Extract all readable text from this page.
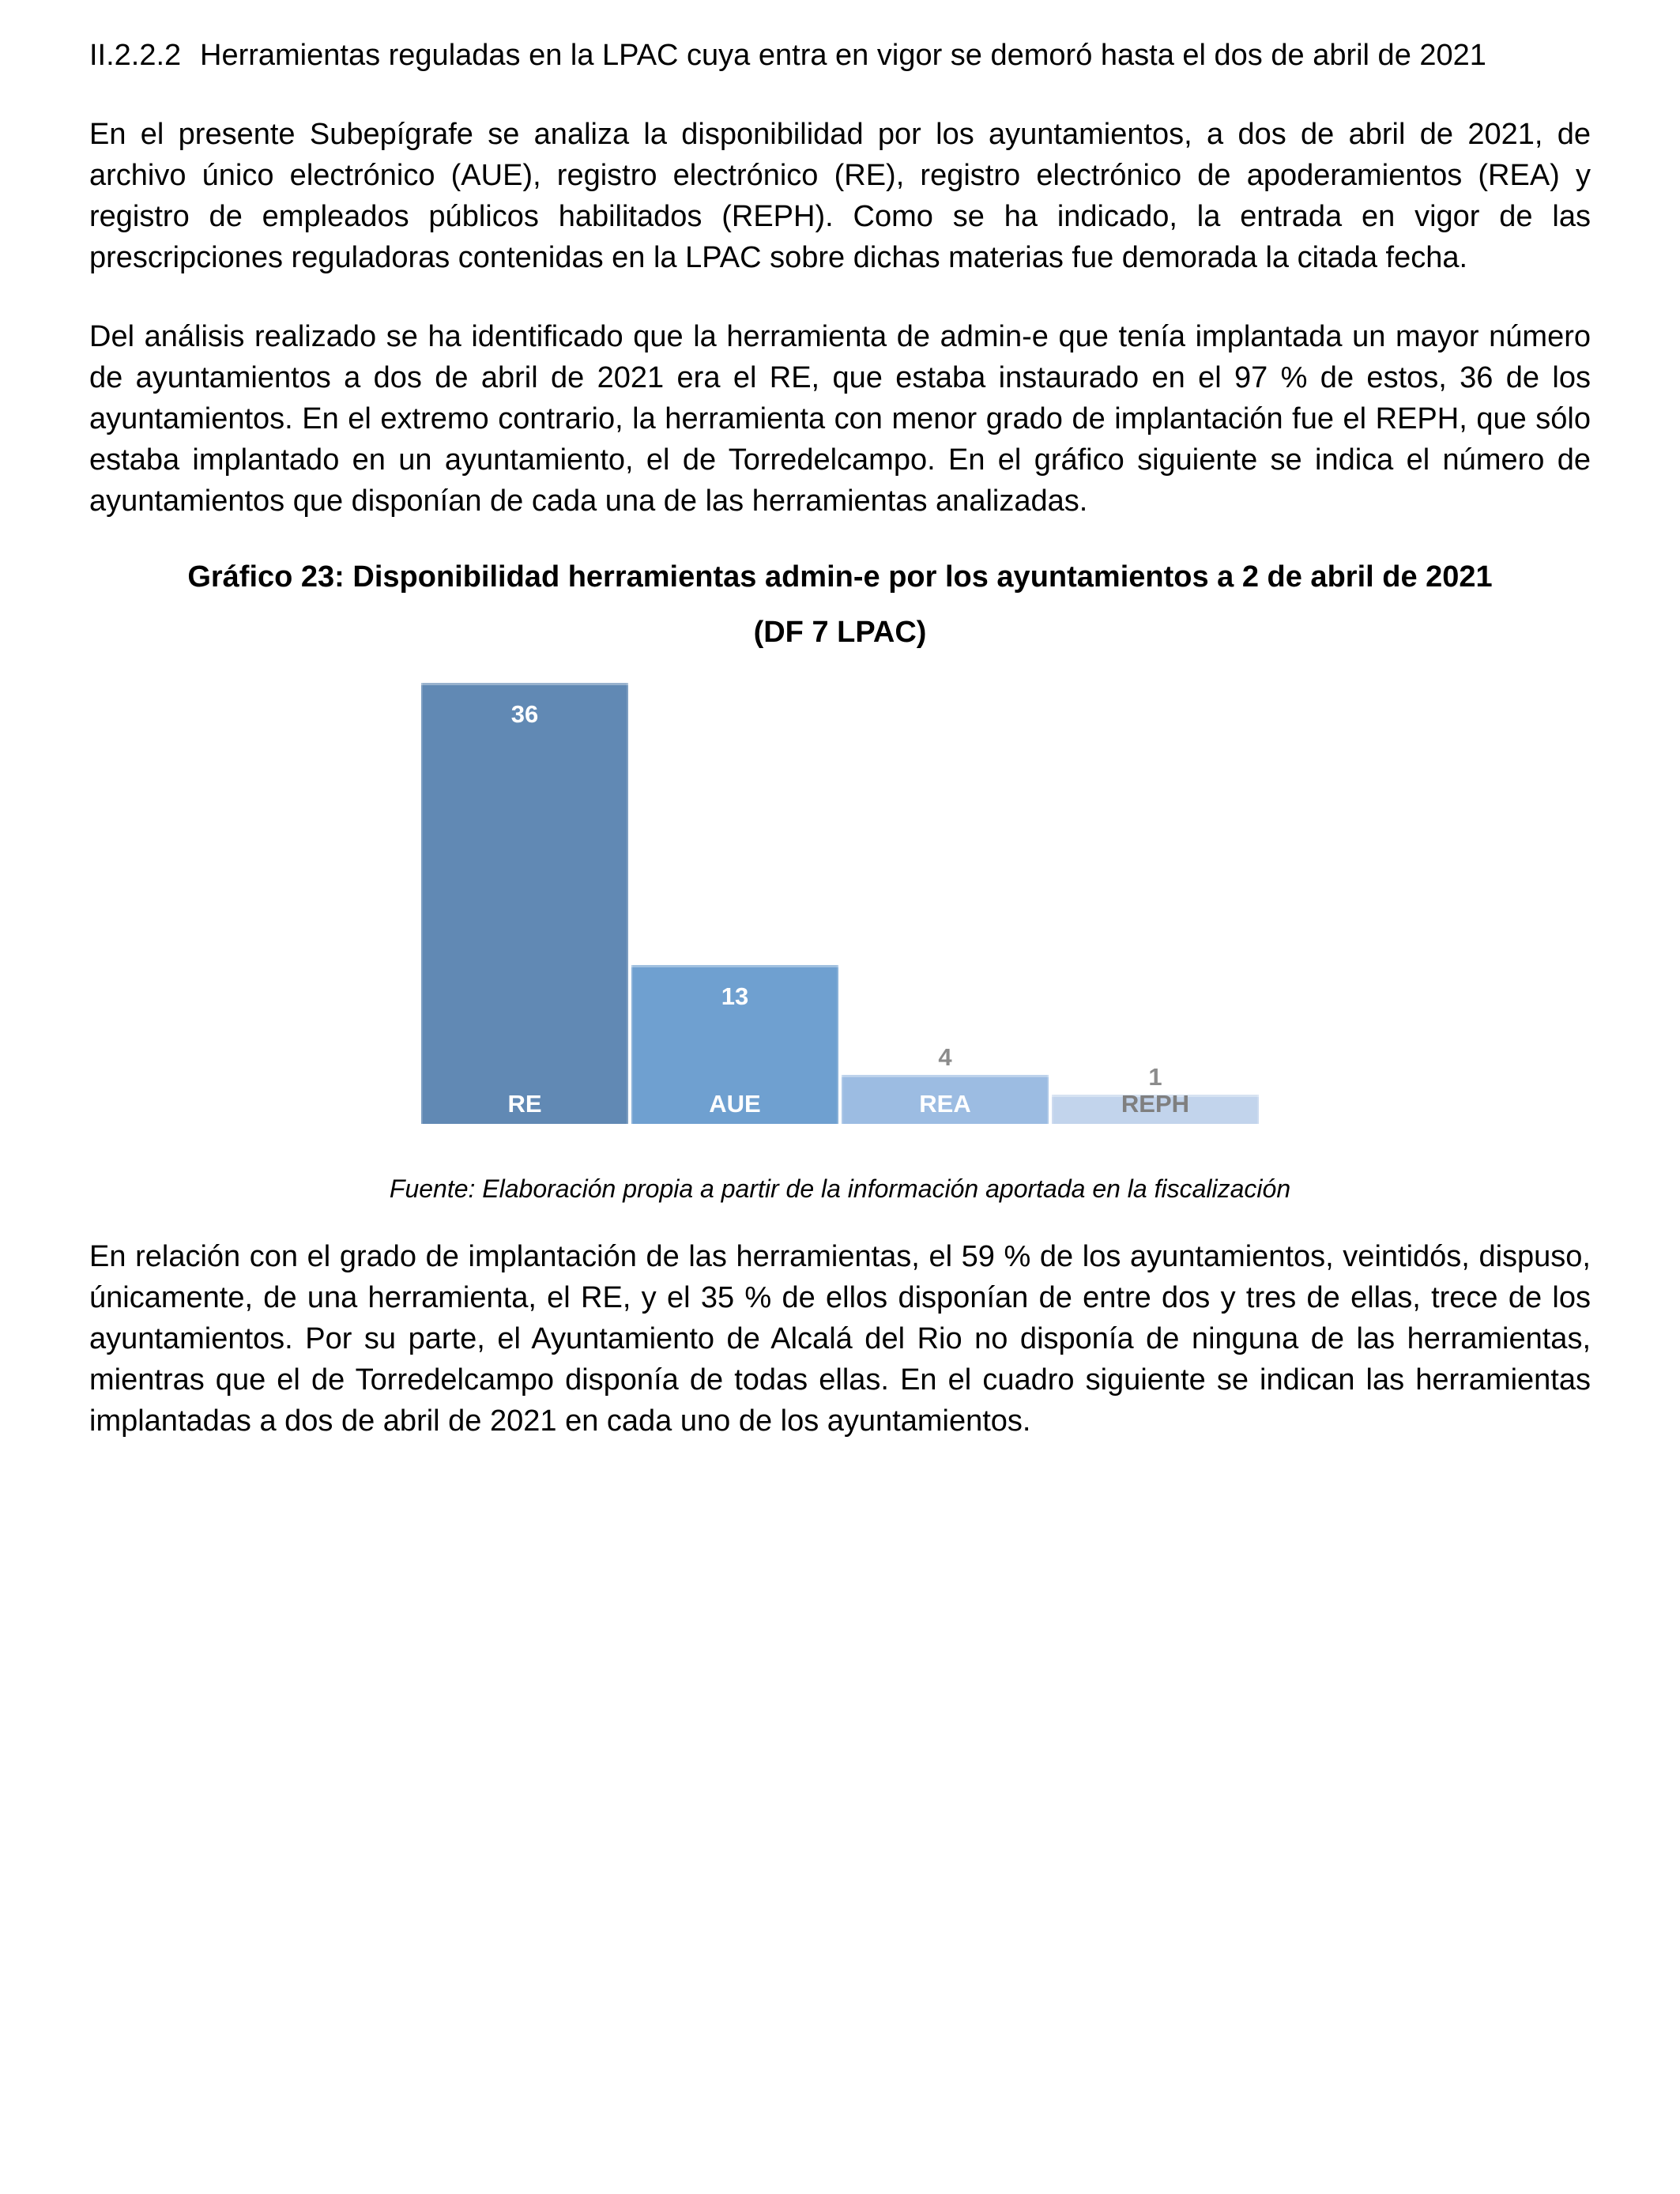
II.2.2.2 Herramientas reguladas en la LPAC cuya entra en vigor se demoró hasta el dos de abril de 2021

En el presente Subepígrafe se analiza la disponibilidad por los ayuntamientos, a dos de abril de 2021, de archivo único electrónico (AUE), registro electrónico (RE), registro electrónico de apoderamientos (REA) y registro de empleados públicos habilitados (REPH). Como se ha indicado, la entrada en vigor de las prescripciones reguladoras contenidas en la LPAC sobre dichas materias fue demorada la citada fecha.

Del análisis realizado se ha identificado que la herramienta de admin-e que tenía implantada un mayor número de ayuntamientos a dos de abril de 2021 era el RE, que estaba instaurado en el 97 % de estos, 36 de los ayuntamientos. En el extremo contrario, la herramienta con menor grado de implantación fue el REPH, que sólo estaba implantado en un ayuntamiento, el de Torredelcampo. En el gráfico siguiente se indica el número de ayuntamientos que disponían de cada una de las herramientas analizadas.

Gráfico 23: Disponibilidad herramientas admin-e por los ayuntamientos a 2 de abril de 2021
(DF 7 LPAC)
36
RE
13
AUE
4
REA
1
REPH

Fuente: Elaboración propia a partir de la información aportada en la fiscalización

En relación con el grado de implantación de las herramientas, el 59 % de los ayuntamientos, veintidós, dispuso, únicamente, de una herramienta, el RE, y el 35 % de ellos disponían de entre dos y tres de ellas, trece de los ayuntamientos. Por su parte, el Ayuntamiento de Alcalá del Rio no disponía de ninguna de las herramientas, mientras que el de Torredelcampo disponía de todas ellas. En el cuadro siguiente se indican las herramientas implantadas a dos de abril de 2021 en cada uno de los ayuntamientos.
